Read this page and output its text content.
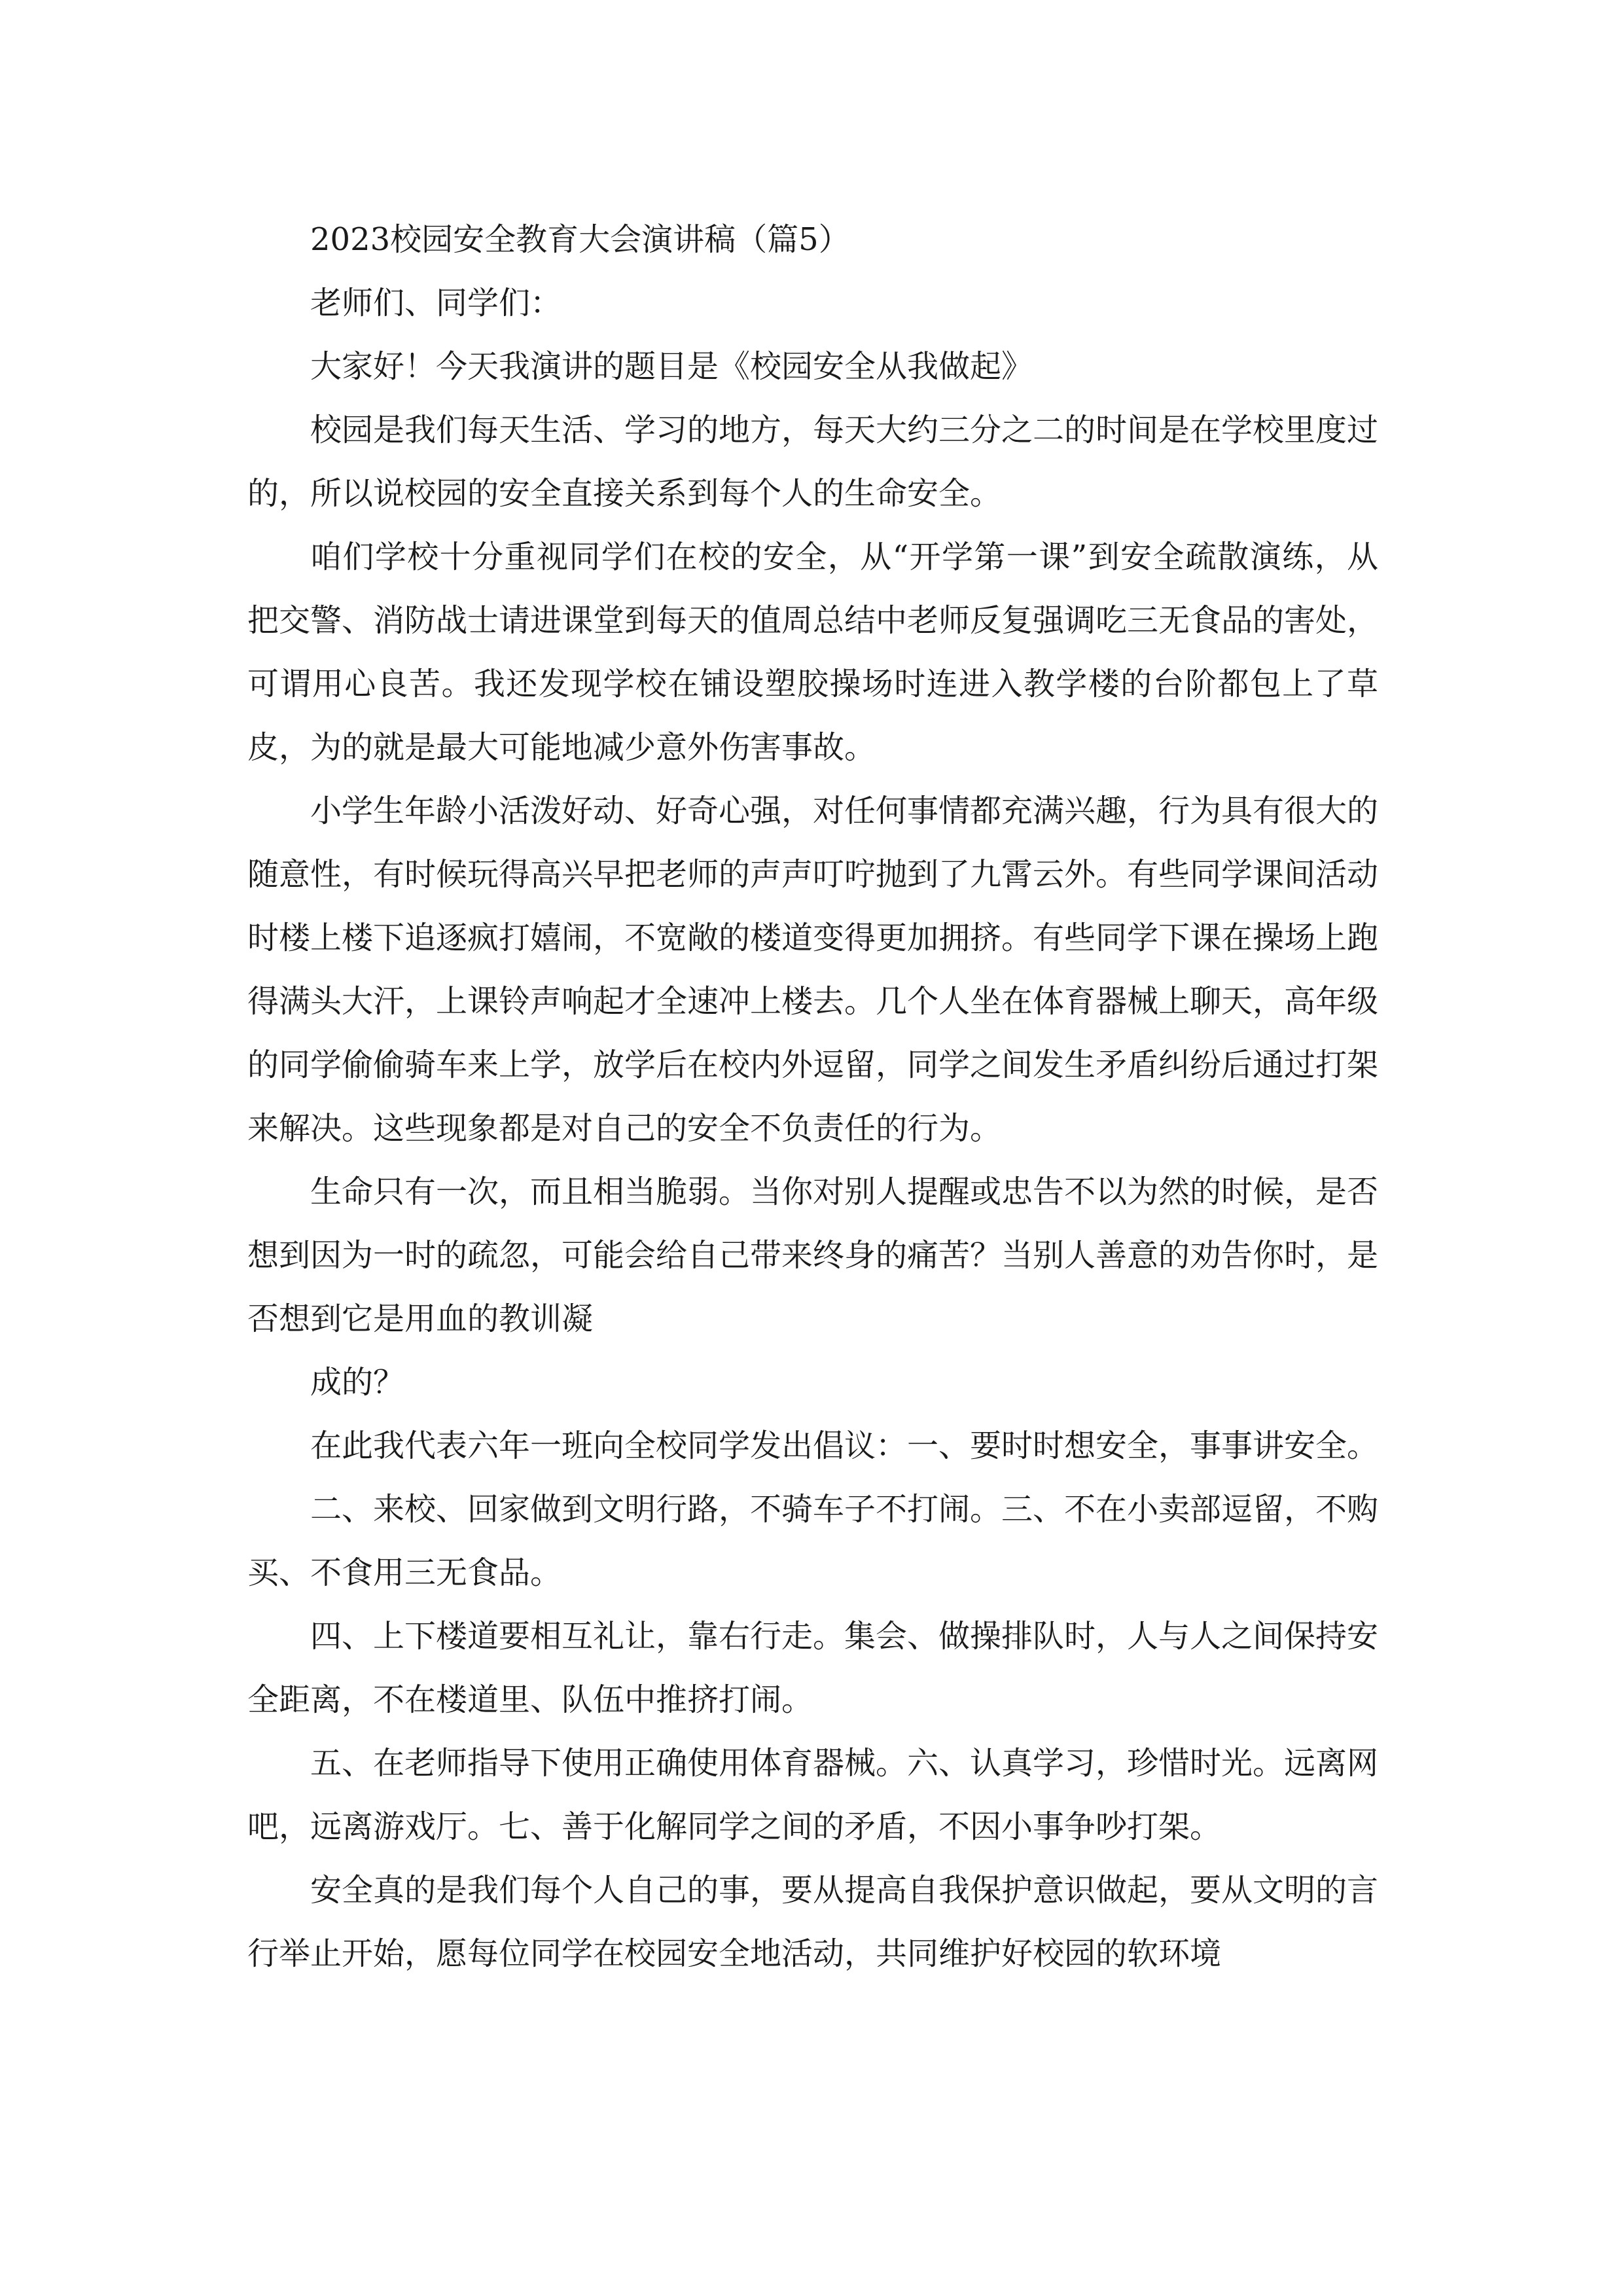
2023校园安全教育大会演讲稿（篇5）

老师们、同学们：

大家好！今天我演讲的题目是《校园安全从我做起》

校园是我们每天生活、学习的地方，每天大约三分之二的时间是在学校里度过的，所以说校园的安全直接关系到每个人的生命安全。

咱们学校十分重视同学们在校的安全，从“开学第一课”到安全疏散演练，从把交警、消防战士请进课堂到每天的值周总结中老师反复强调吃三无食品的害处，可谓用心良苦。我还发现学校在铺设塑胶操场时连进入教学楼的台阶都包上了草皮，为的就是最大可能地减少意外伤害事故。

小学生年龄小活泼好动、好奇心强，对任何事情都充满兴趣，行为具有很大的随意性，有时候玩得高兴早把老师的声声叮咛抛到了九霄云外。有些同学课间活动时楼上楼下追逐疯打嬉闹，不宽敞的楼道变得更加拥挤。有些同学下课在操场上跑得满头大汗，上课铃声响起才全速冲上楼去。几个人坐在体育器械上聊天，高年级的同学偷偷骑车来上学，放学后在校内外逗留，同学之间发生矛盾纠纷后通过打架来解决。这些现象都是对自己的安全不负责任的行为。

生命只有一次，而且相当脆弱。当你对别人提醒或忠告不以为然的时候，是否想到因为一时的疏忽，可能会给自己带来终身的痛苦？当别人善意的劝告你时，是否想到它是用血的教训凝

成的？

在此我代表六年一班向全校同学发出倡议：一、要时时想安全，事事讲安全。

二、来校、回家做到文明行路，不骑车子不打闹。三、不在小卖部逗留，不购买、不食用三无食品。

四、上下楼道要相互礼让，靠右行走。集会、做操排队时，人与人之间保持安全距离，不在楼道里、队伍中推挤打闹。

五、在老师指导下使用正确使用体育器械。六、认真学习，珍惜时光。远离网吧，远离游戏厅。七、善于化解同学之间的矛盾，不因小事争吵打架。

安全真的是我们每个人自己的事，要从提高自我保护意识做起，要从文明的言行举止开始，愿每位同学在校园安全地活动，共同维护好校园的软环境
